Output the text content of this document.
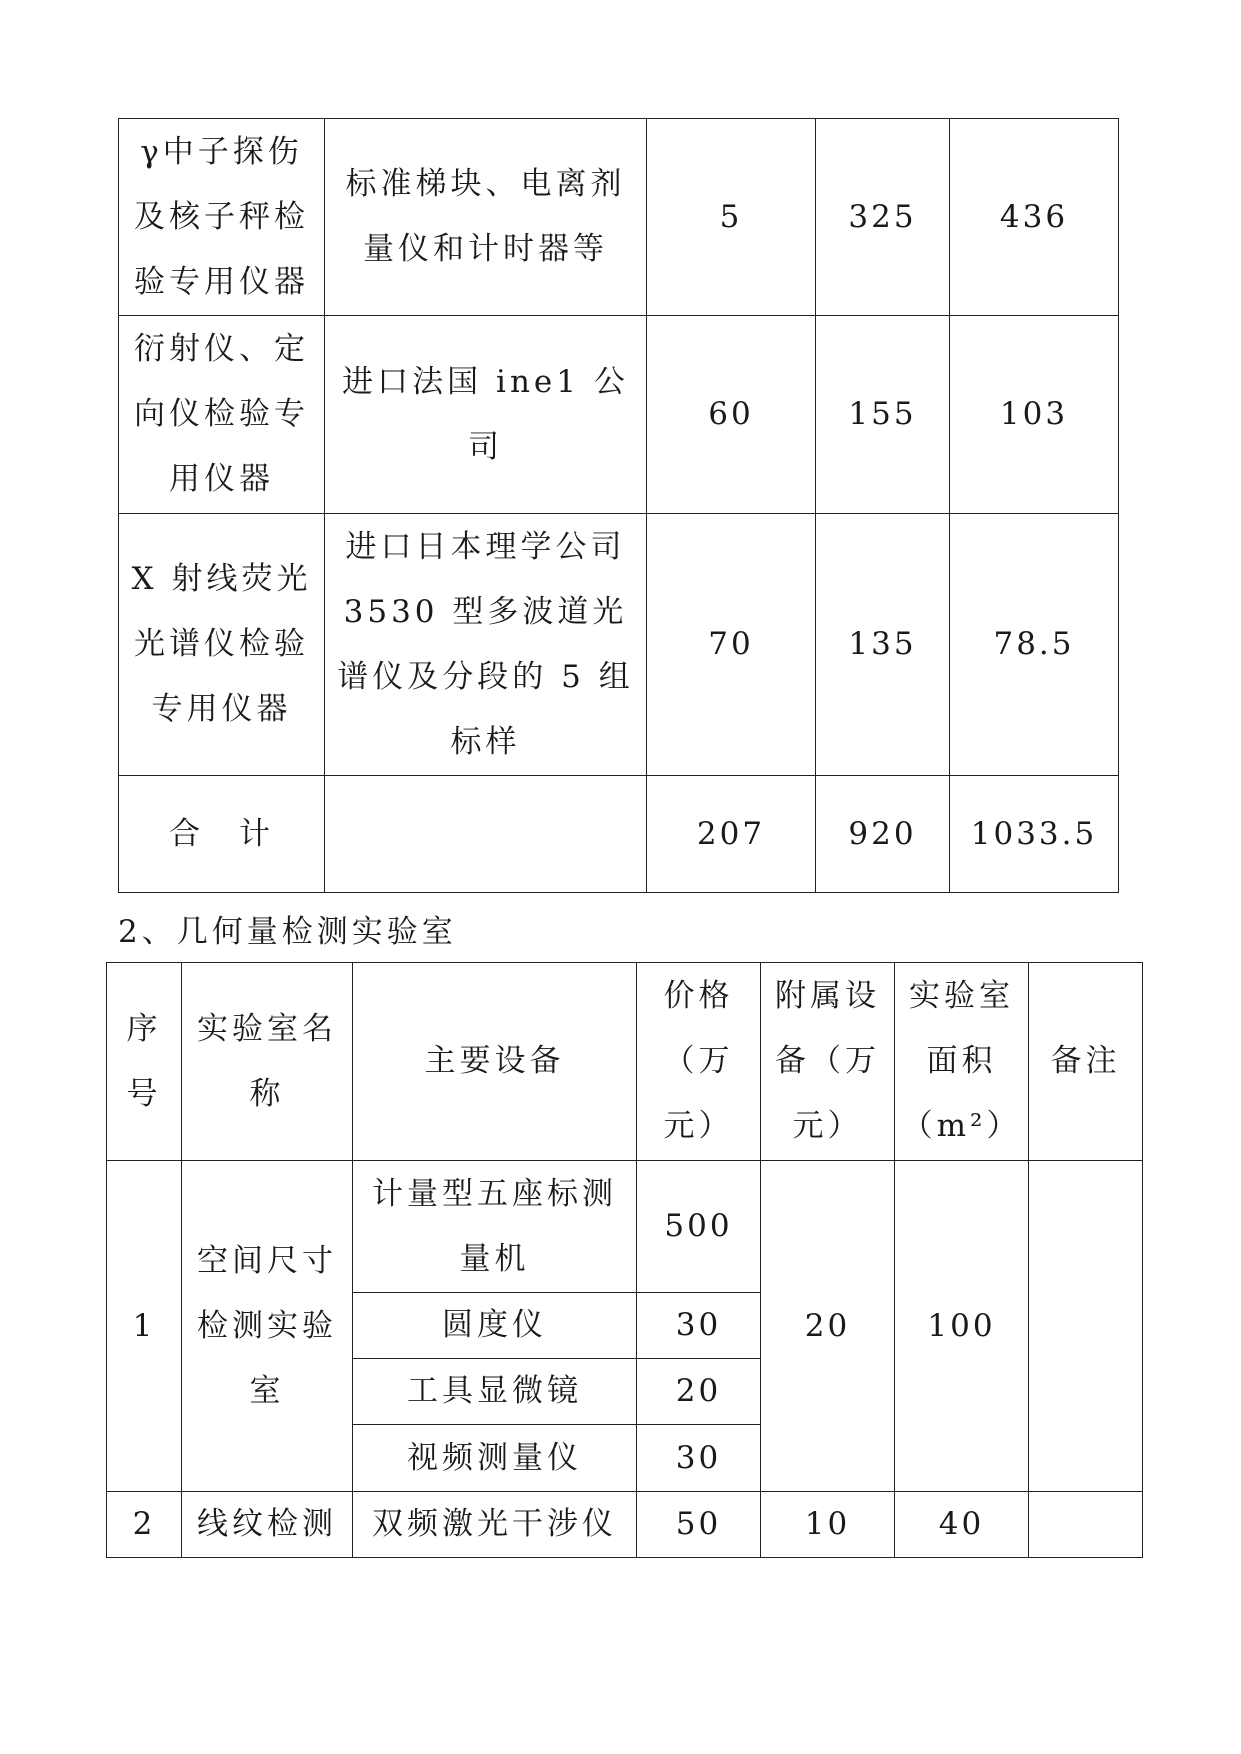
γ中子探伤及核子秤检验专用仪器	标准梯块、电离剂量仪和计时器等	5	325	436
衍射仪、定向仪检验专用仪器	进口法国 ine1 公司	60	155	103
X 射线荧光光谱仪检验专用仪器	进口日本理学公司 3530 型多波道光谱仪及分段的 5 组标样	70	135	78.5
合　计		207	920	1033.5
2、几何量检测实验室
序号	实验室名称	主要设备	价格（万元）	附属设备（万元）	实验室面积（m²）	备注
1	空间尺寸检测实验室	计量型五座标测量机	500	20	100	
		圆度仪	30			
		工具显微镜	20			
		视频测量仪	30			
2	线纹检测	双频激光干涉仪	50	10	40	
